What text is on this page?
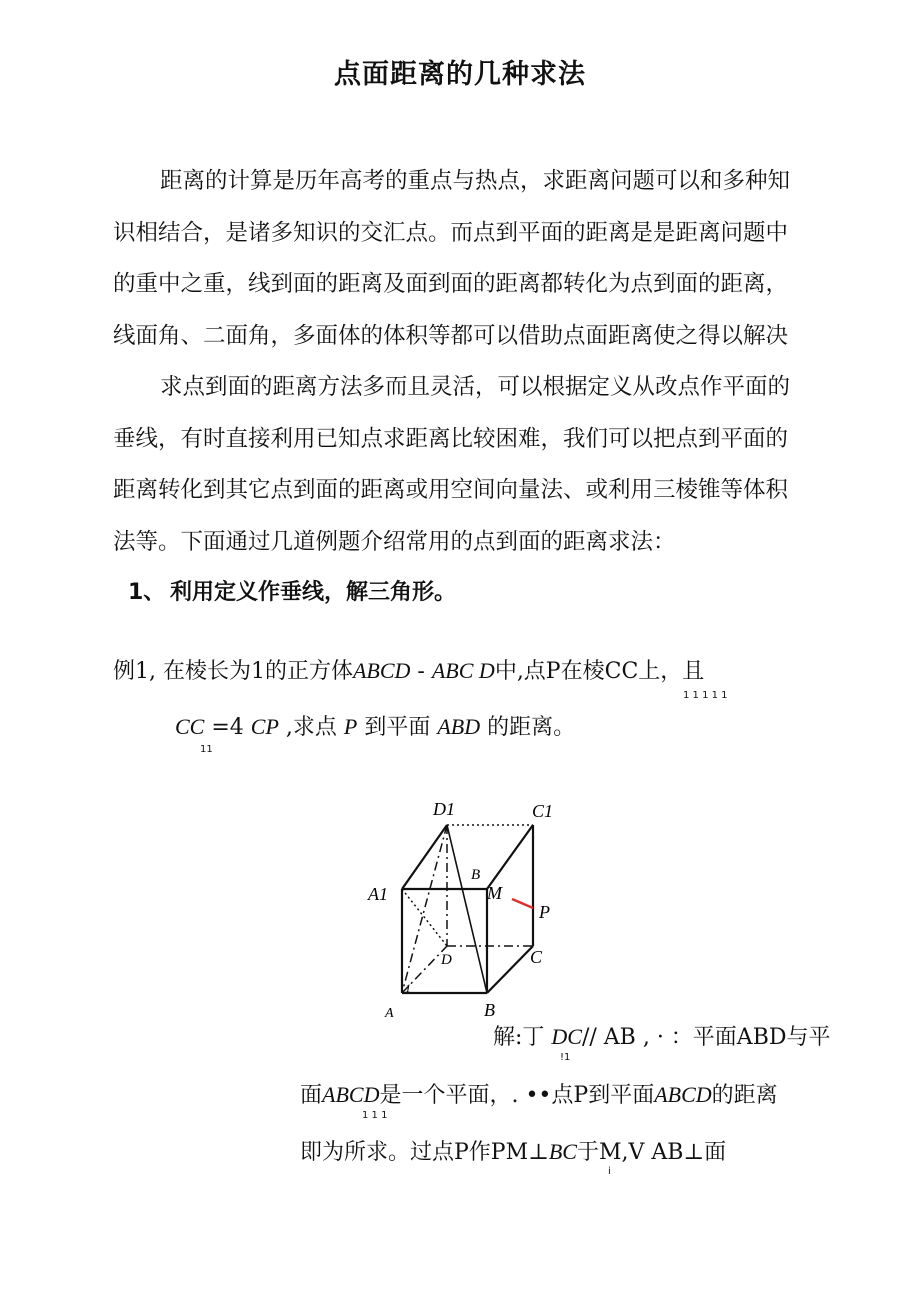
点面距离的几种求法
距离的计算是历年高考的重点与热点，求距离问题可以和多种知
识相结合，是诸多知识的交汇点。而点到平面的距离是是距离问题中
的重中之重，线到面的距离及面到面的距离都转化为点到面的距离，
线面角、二面角，多面体的体积等都可以借助点面距离使之得以解决
求点到面的距离方法多而且灵活，可以根据定义从改点作平面的
垂线，有时直接利用已知点求距离比较困难，我们可以把点到平面的
距离转化到其它点到面的距离或用空间向量法、或利用三棱锥等体积
法等。下面通过几道例题介绍常用的点到面的距离求法：
1、 利用定义作垂线，解三角形。
例1, 在棱长为1的正方体ABCD - ABC D中,点P在棱CC上，且
1 1 1 1 1
CC =4 CP ,求点 P 到平面 ABD 的距离。
11
D1	C1
A1
B
M
P
D	C
1
A	B
解:丁 DC// AB , · ：平面ABD与平
!1
面ABCD是一个平面，. ••点P到平面ABCD的距离
1 1 1
即为所求。过点P作PM⊥BC于M,V AB⊥面
i
